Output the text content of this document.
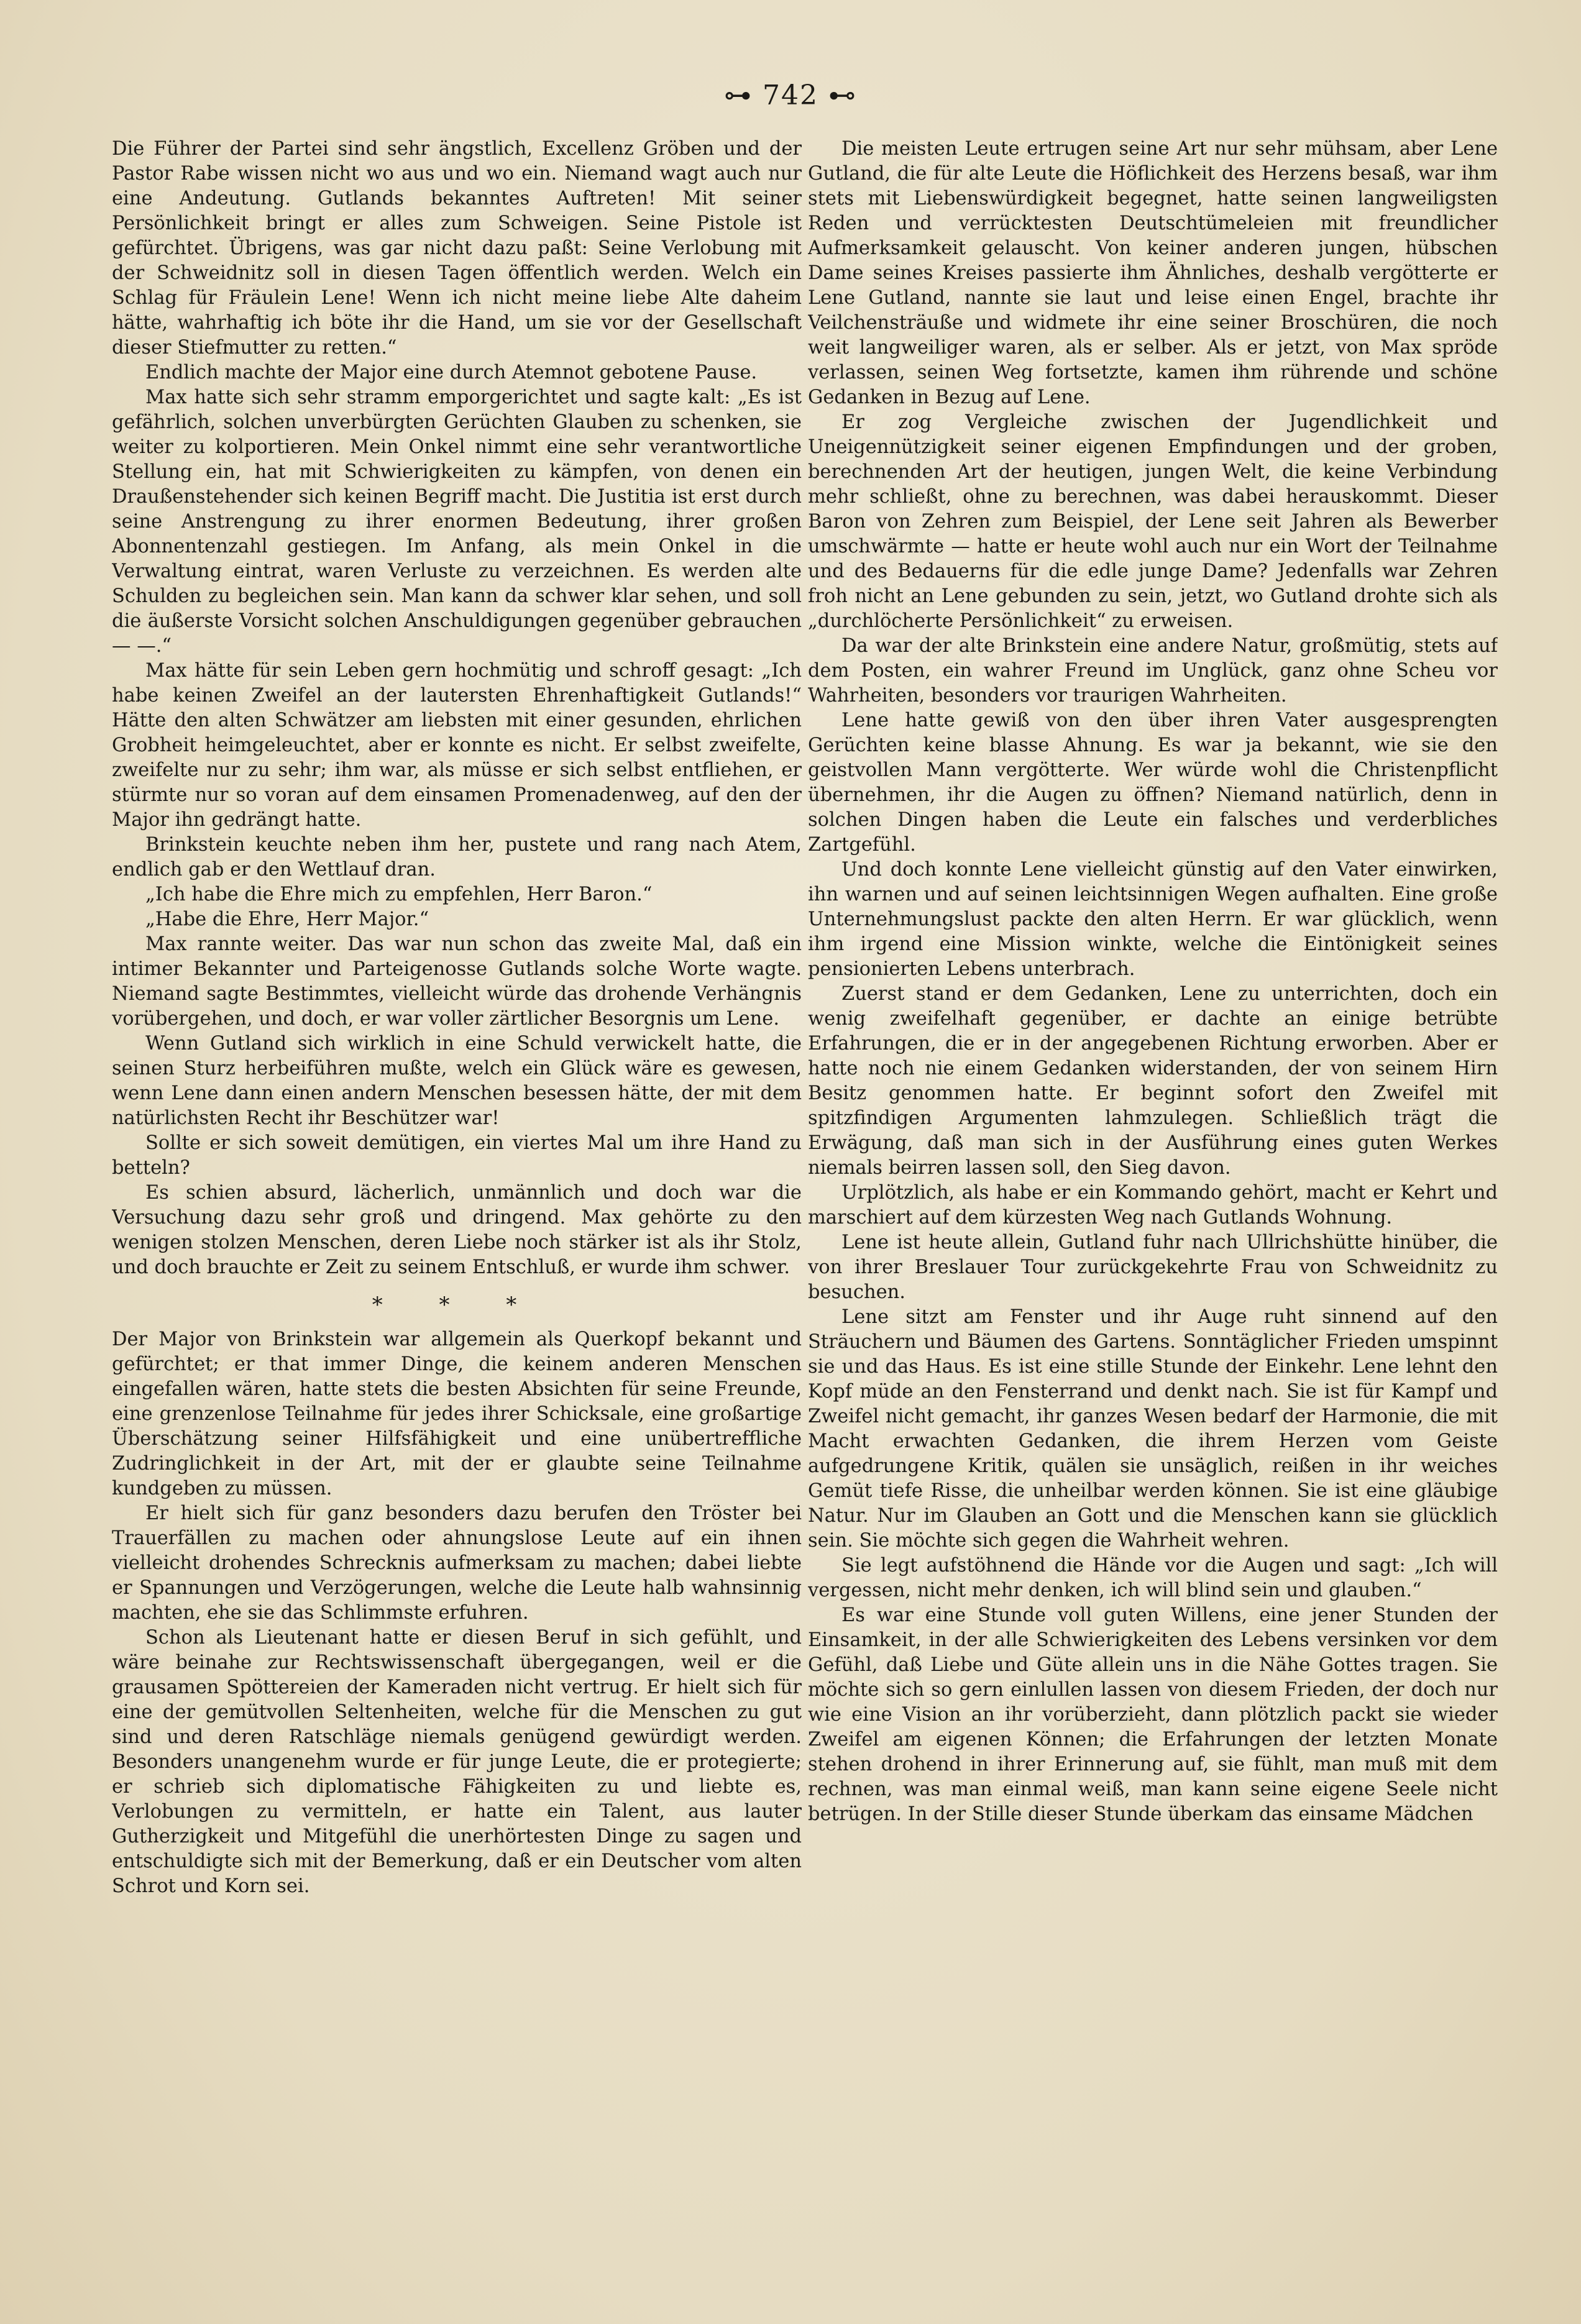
⊶ 742 ⊷

Die Führer der Partei sind sehr ängstlich, Excellenz Gröben und der Pastor Rabe wissen nicht wo aus und wo ein. Niemand wagt auch nur eine Andeutung. Gutlands bekanntes Auftreten! Mit seiner Persönlichkeit bringt er alles zum Schweigen. Seine Pistole ist gefürchtet. Übrigens, was gar nicht dazu paßt: Seine Verlobung mit der Schweidnitz soll in diesen Tagen öffentlich werden. Welch ein Schlag für Fräulein Lene! Wenn ich nicht meine liebe Alte daheim hätte, wahrhaftig ich böte ihr die Hand, um sie vor der Gesellschaft dieser Stiefmutter zu retten.“

Endlich machte der Major eine durch Atemnot gebotene Pause.

Max hatte sich sehr stramm emporgerichtet und sagte kalt: „Es ist gefährlich, solchen unverbürgten Gerüchten Glauben zu schenken, sie weiter zu kolportieren. Mein Onkel nimmt eine sehr verantwortliche Stellung ein, hat mit Schwierigkeiten zu kämpfen, von denen ein Draußenstehender sich keinen Begriff macht. Die Justitia ist erst durch seine Anstrengung zu ihrer enormen Bedeutung, ihrer großen Abonnentenzahl gestiegen. Im Anfang, als mein Onkel in die Verwaltung eintrat, waren Verluste zu verzeichnen. Es werden alte Schulden zu begleichen sein. Man kann da schwer klar sehen, und soll die äußerste Vorsicht solchen Anschuldigungen gegenüber gebrauchen — —.“

Max hätte für sein Leben gern hochmütig und schroff gesagt: „Ich habe keinen Zweifel an der lautersten Ehrenhaftigkeit Gutlands!“ Hätte den alten Schwätzer am liebsten mit einer gesunden, ehrlichen Grobheit heimgeleuchtet, aber er konnte es nicht. Er selbst zweifelte, zweifelte nur zu sehr; ihm war, als müsse er sich selbst entfliehen, er stürmte nur so voran auf dem einsamen Promenadenweg, auf den der Major ihn gedrängt hatte.

Brinkstein keuchte neben ihm her, pustete und rang nach Atem, endlich gab er den Wettlauf dran.

„Ich habe die Ehre mich zu empfehlen, Herr Baron.“

„Habe die Ehre, Herr Major.“

Max rannte weiter. Das war nun schon das zweite Mal, daß ein intimer Bekannter und Parteigenosse Gutlands solche Worte wagte. Niemand sagte Bestimmtes, vielleicht würde das drohende Verhängnis vorübergehen, und doch, er war voller zärtlicher Besorgnis um Lene.

Wenn Gutland sich wirklich in eine Schuld verwickelt hatte, die seinen Sturz herbeiführen mußte, welch ein Glück wäre es gewesen, wenn Lene dann einen andern Menschen besessen hätte, der mit dem natürlichsten Recht ihr Beschützer war!

Sollte er sich soweit demütigen, ein viertes Mal um ihre Hand zu betteln?

Es schien absurd, lächerlich, unmännlich und doch war die Versuchung dazu sehr groß und dringend. Max gehörte zu den wenigen stolzen Menschen, deren Liebe noch stärker ist als ihr Stolz, und doch brauchte er Zeit zu seinem Entschluß, er wurde ihm schwer.

* * *

Der Major von Brinkstein war allgemein als Querkopf bekannt und gefürchtet; er that immer Dinge, die keinem anderen Menschen eingefallen wären, hatte stets die besten Absichten für seine Freunde, eine grenzenlose Teilnahme für jedes ihrer Schicksale, eine großartige Überschätzung seiner Hilfsfähigkeit und eine unübertreffliche Zudringlichkeit in der Art, mit der er glaubte seine Teilnahme kundgeben zu müssen.

Er hielt sich für ganz besonders dazu berufen den Tröster bei Trauerfällen zu machen oder ahnungslose Leute auf ein ihnen vielleicht drohendes Schrecknis aufmerksam zu machen; dabei liebte er Spannungen und Verzögerungen, welche die Leute halb wahnsinnig machten, ehe sie das Schlimmste erfuhren.

Schon als Lieutenant hatte er diesen Beruf in sich gefühlt, und wäre beinahe zur Rechtswissenschaft übergegangen, weil er die grausamen Spöttereien der Kameraden nicht vertrug. Er hielt sich für eine der gemütvollen Seltenheiten, welche für die Menschen zu gut sind und deren Ratschläge niemals genügend gewürdigt werden. Besonders unangenehm wurde er für junge Leute, die er protegierte; er schrieb sich diplomatische Fähigkeiten zu und liebte es, Verlobungen zu vermitteln, er hatte ein Talent, aus lauter Gutherzigkeit und Mitgefühl die unerhörtesten Dinge zu sagen und entschuldigte sich mit der Bemerkung, daß er ein Deutscher vom alten Schrot und Korn sei.

Die meisten Leute ertrugen seine Art nur sehr mühsam, aber Lene Gutland, die für alte Leute die Höflichkeit des Herzens besaß, war ihm stets mit Liebenswürdigkeit begegnet, hatte seinen langweiligsten Reden und verrücktesten Deutschtümeleien mit freundlicher Aufmerksamkeit gelauscht. Von keiner anderen jungen, hübschen Dame seines Kreises passierte ihm Ähnliches, deshalb vergötterte er Lene Gutland, nannte sie laut und leise einen Engel, brachte ihr Veilchensträuße und widmete ihr eine seiner Broschüren, die noch weit langweiliger waren, als er selber. Als er jetzt, von Max spröde verlassen, seinen Weg fortsetzte, kamen ihm rührende und schöne Gedanken in Bezug auf Lene.

Er zog Vergleiche zwischen der Jugendlichkeit und Uneigennützigkeit seiner eigenen Empfindungen und der groben, berechnenden Art der heutigen, jungen Welt, die keine Verbindung mehr schließt, ohne zu berechnen, was dabei herauskommt. Dieser Baron von Zehren zum Beispiel, der Lene seit Jahren als Bewerber umschwärmte — hatte er heute wohl auch nur ein Wort der Teilnahme und des Bedauerns für die edle junge Dame? Jedenfalls war Zehren froh nicht an Lene gebunden zu sein, jetzt, wo Gutland drohte sich als „durchlöcherte Persönlichkeit“ zu erweisen.

Da war der alte Brinkstein eine andere Natur, großmütig, stets auf dem Posten, ein wahrer Freund im Unglück, ganz ohne Scheu vor Wahrheiten, besonders vor traurigen Wahrheiten.

Lene hatte gewiß von den über ihren Vater ausgesprengten Gerüchten keine blasse Ahnung. Es war ja bekannt, wie sie den geistvollen Mann vergötterte. Wer würde wohl die Christenpflicht übernehmen, ihr die Augen zu öffnen? Niemand natürlich, denn in solchen Dingen haben die Leute ein falsches und verderbliches Zartgefühl.

Und doch konnte Lene vielleicht günstig auf den Vater einwirken, ihn warnen und auf seinen leichtsinnigen Wegen aufhalten. Eine große Unternehmungslust packte den alten Herrn. Er war glücklich, wenn ihm irgend eine Mission winkte, welche die Eintönigkeit seines pensionierten Lebens unterbrach.

Zuerst stand er dem Gedanken, Lene zu unterrichten, doch ein wenig zweifelhaft gegenüber, er dachte an einige betrübte Erfahrungen, die er in der angegebenen Richtung erworben. Aber er hatte noch nie einem Gedanken widerstanden, der von seinem Hirn Besitz genommen hatte. Er beginnt sofort den Zweifel mit spitzfindigen Argumenten lahmzulegen. Schließlich trägt die Erwägung, daß man sich in der Ausführung eines guten Werkes niemals beirren lassen soll, den Sieg davon.

Urplötzlich, als habe er ein Kommando gehört, macht er Kehrt und marschiert auf dem kürzesten Weg nach Gutlands Wohnung.

Lene ist heute allein, Gutland fuhr nach Ullrichshütte hinüber, die von ihrer Breslauer Tour zurückgekehrte Frau von Schweidnitz zu besuchen.

Lene sitzt am Fenster und ihr Auge ruht sinnend auf den Sträuchern und Bäumen des Gartens. Sonntäglicher Frieden umspinnt sie und das Haus. Es ist eine stille Stunde der Einkehr. Lene lehnt den Kopf müde an den Fensterrand und denkt nach. Sie ist für Kampf und Zweifel nicht gemacht, ihr ganzes Wesen bedarf der Harmonie, die mit Macht erwachten Gedanken, die ihrem Herzen vom Geiste aufgedrungene Kritik, quälen sie unsäglich, reißen in ihr weiches Gemüt tiefe Risse, die unheilbar werden können. Sie ist eine gläubige Natur. Nur im Glauben an Gott und die Menschen kann sie glücklich sein. Sie möchte sich gegen die Wahrheit wehren.

Sie legt aufstöhnend die Hände vor die Augen und sagt: „Ich will vergessen, nicht mehr denken, ich will blind sein und glauben.“

Es war eine Stunde voll guten Willens, eine jener Stunden der Einsamkeit, in der alle Schwierigkeiten des Lebens versinken vor dem Gefühl, daß Liebe und Güte allein uns in die Nähe Gottes tragen. Sie möchte sich so gern einlullen lassen von diesem Frieden, der doch nur wie eine Vision an ihr vorüberzieht, dann plötzlich packt sie wieder Zweifel am eigenen Können; die Erfahrungen der letzten Monate stehen drohend in ihrer Erinnerung auf, sie fühlt, man muß mit dem rechnen, was man einmal weiß, man kann seine eigene Seele nicht betrügen. In der Stille dieser Stunde überkam das einsame Mädchen
